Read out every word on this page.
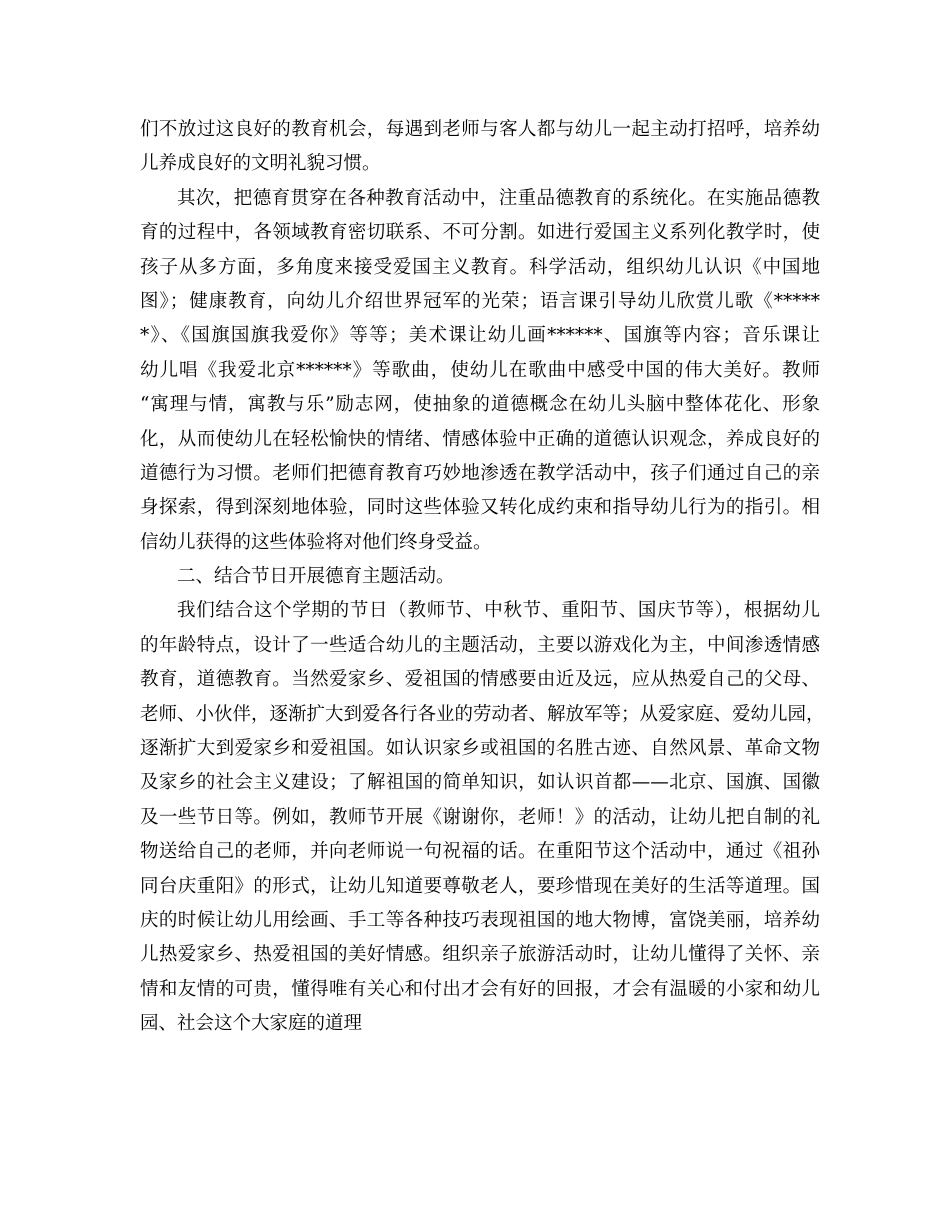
们不放过这良好的教育机会，每遇到老师与客人都与幼儿一起主动打招呼，培养幼
儿养成良好的文明礼貌习惯。
其次，把德育贯穿在各种教育活动中，注重品德教育的系统化。在实施品德教
育的过程中，各领域教育密切联系、不可分割。如进行爱国主义系列化教学时，使
孩子从多方面，多角度来接受爱国主义教育。科学活动，组织幼儿认识《中国地
图》；健康教育，向幼儿介绍世界冠军的光荣；语言课引导幼儿欣赏儿歌《*****
*》、《国旗国旗我爱你》等等；美术课让幼儿画******、国旗等内容；音乐课让
幼儿唱《我爱北京******》等歌曲，使幼儿在歌曲中感受中国的伟大美好。教师
“寓理与情，寓教与乐”励志网，使抽象的道德概念在幼儿头脑中整体花化、形象
化，从而使幼儿在轻松愉快的情绪、情感体验中正确的道德认识观念，养成良好的
道德行为习惯。老师们把德育教育巧妙地渗透在教学活动中，孩子们通过自己的亲
身探索，得到深刻地体验，同时这些体验又转化成约束和指导幼儿行为的指引。相
信幼儿获得的这些体验将对他们终身受益。
二、结合节日开展德育主题活动。
我们结合这个学期的节日（教师节、中秋节、重阳节、国庆节等），根据幼儿
的年龄特点，设计了一些适合幼儿的主题活动，主要以游戏化为主，中间渗透情感
教育，道德教育。当然爱家乡、爱祖国的情感要由近及远，应从热爱自己的父母、
老师、小伙伴，逐渐扩大到爱各行各业的劳动者、解放军等；从爱家庭、爱幼儿园，
逐渐扩大到爱家乡和爱祖国。如认识家乡或祖国的名胜古迹、自然风景、革命文物
及家乡的社会主义建设；了解祖国的简单知识，如认识首都——北京、国旗、国徽
及一些节日等。例如，教师节开展《谢谢你，老师！》的活动，让幼儿把自制的礼
物送给自己的老师，并向老师说一句祝福的话。在重阳节这个活动中，通过《祖孙
同台庆重阳》的形式，让幼儿知道要尊敬老人，要珍惜现在美好的生活等道理。国
庆的时候让幼儿用绘画、手工等各种技巧表现祖国的地大物博，富饶美丽，培养幼
儿热爱家乡、热爱祖国的美好情感。组织亲子旅游活动时，让幼儿懂得了关怀、亲
情和友情的可贵，懂得唯有关心和付出才会有好的回报，才会有温暖的小家和幼儿
园、社会这个大家庭的道理
